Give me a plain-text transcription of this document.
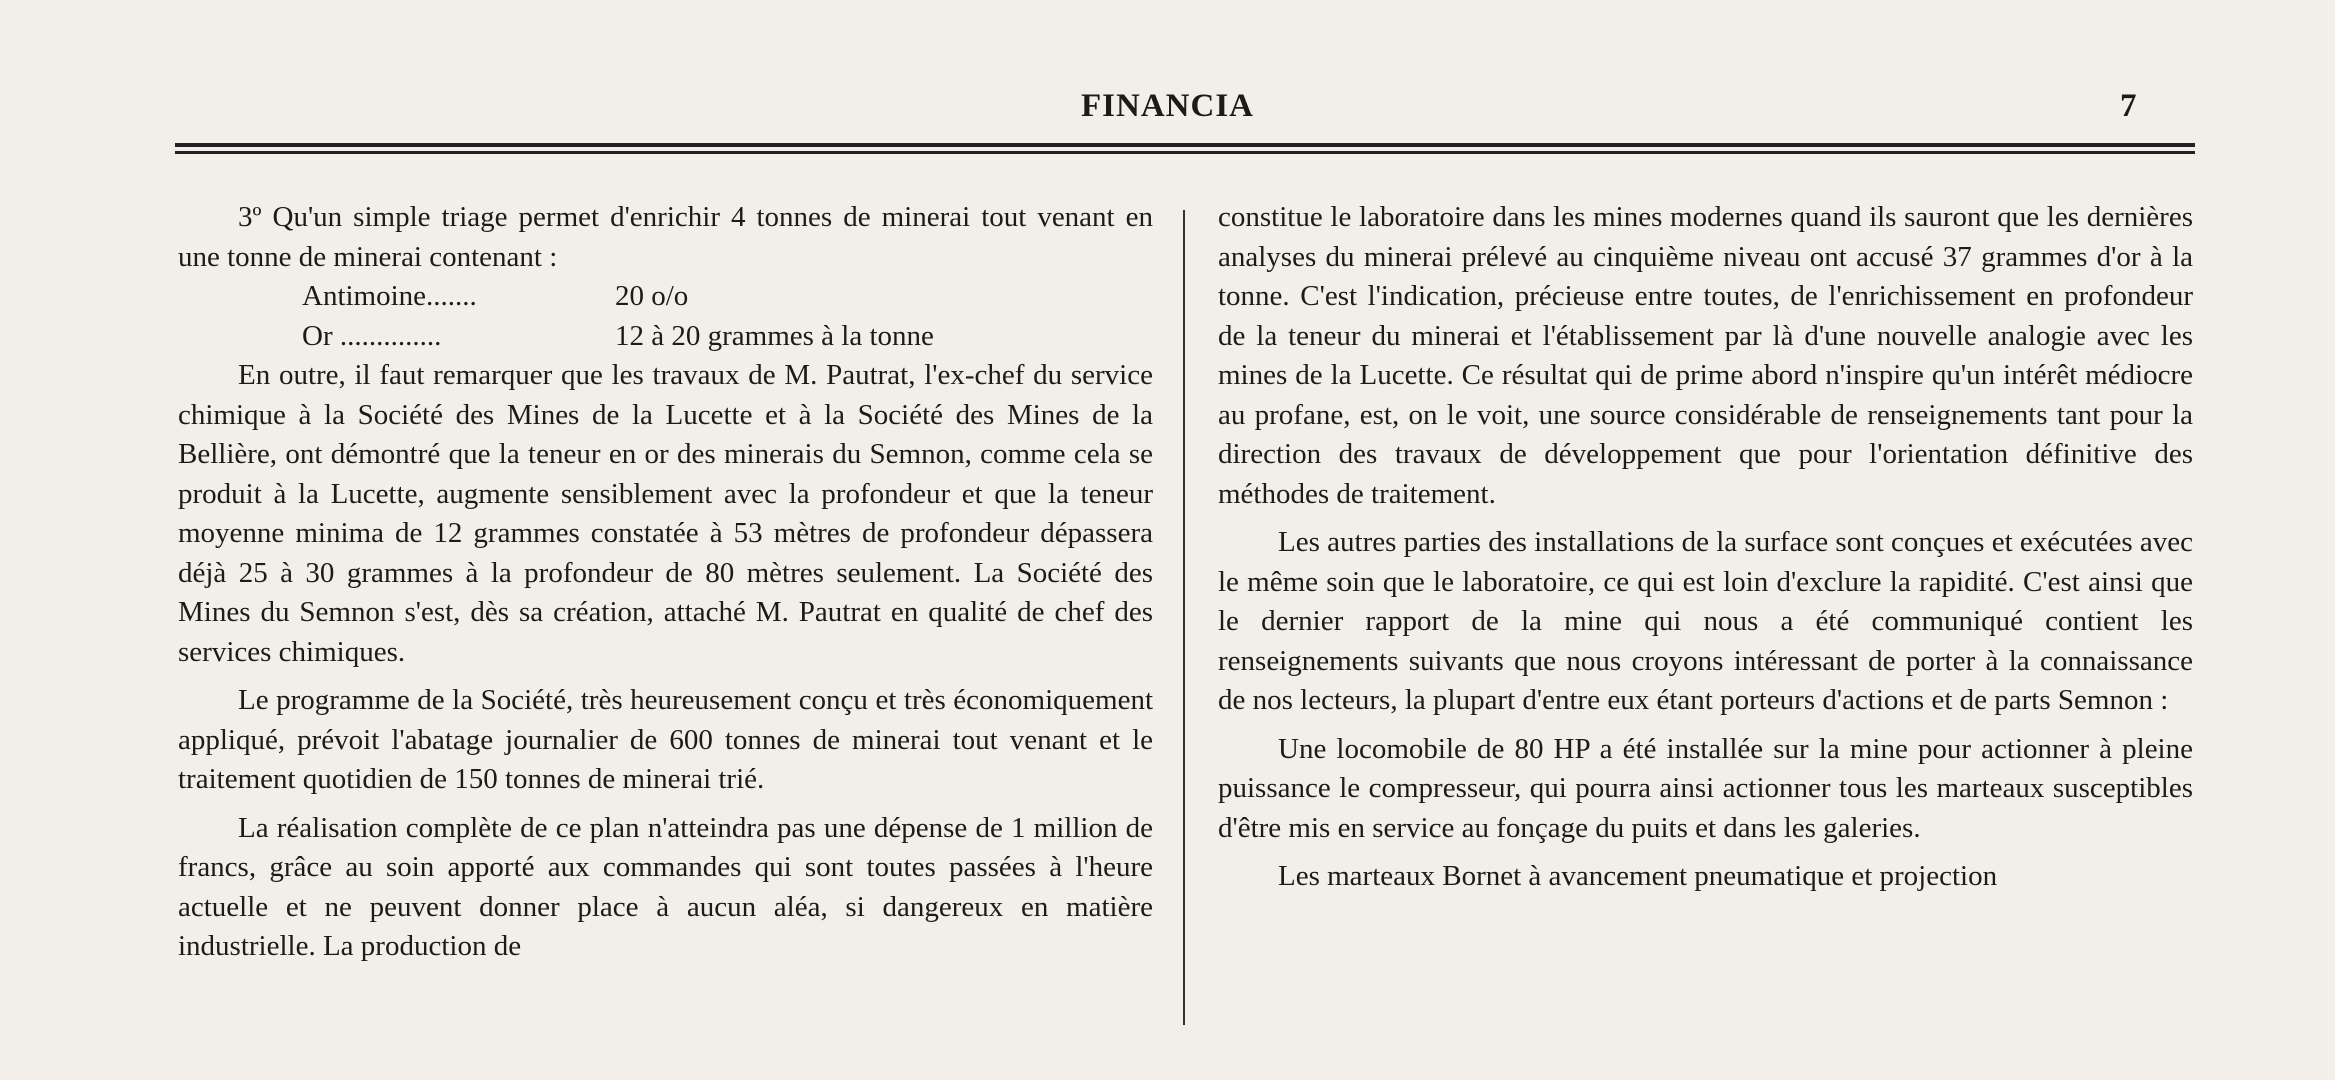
FINANCIA	7

3º Qu'un simple triage permet d'enrichir 4 tonnes de minerai tout venant en une tonne de minerai contenant :

Antimoine.......	20 o/o
Or ..............	12 à 20 grammes à la tonne

En outre, il faut remarquer que les travaux de M. Pautrat, l'ex-chef du service chimique à la Société des Mines de la Lucette et à la Société des Mines de la Bellière, ont démontré que la teneur en or des minerais du Semnon, comme cela se produit à la Lucette, augmente sensiblement avec la profondeur et que la teneur moyenne minima de 12 grammes constatée à 53 mètres de profondeur dépassera déjà 25 à 30 grammes à la profondeur de 80 mètres seulement. La Société des Mines du Semnon s'est, dès sa création, attaché M. Pautrat en qualité de chef des services chimiques.

Le programme de la Société, très heureusement conçu et très économiquement appliqué, prévoit l'abatage journalier de 600 tonnes de minerai tout venant et le traitement quotidien de 150 tonnes de minerai trié.

La réalisation complète de ce plan n'atteindra pas une dépense de 1 million de francs, grâce au soin apporté aux commandes qui sont toutes passées à l'heure actuelle et ne peuvent donner place à aucun aléa, si dangereux en matière industrielle. La production de

constitue le laboratoire dans les mines modernes quand ils sauront que les dernières analyses du minerai prélevé au cinquième niveau ont accusé 37 grammes d'or à la tonne. C'est l'indication, précieuse entre toutes, de l'enrichissement en profondeur de la teneur du minerai et l'établissement par là d'une nouvelle analogie avec les mines de la Lucette. Ce résultat qui de prime abord n'inspire qu'un intérêt médiocre au profane, est, on le voit, une source considérable de renseignements tant pour la direction des travaux de développement que pour l'orientation définitive des méthodes de traitement.

Les autres parties des installations de la surface sont conçues et exécutées avec le même soin que le laboratoire, ce qui est loin d'exclure la rapidité. C'est ainsi que le dernier rapport de la mine qui nous a été communiqué contient les renseignements suivants que nous croyons intéressant de porter à la connaissance de nos lecteurs, la plupart d'entre eux étant porteurs d'actions et de parts Semnon :

Une locomobile de 80 HP a été installée sur la mine pour actionner à pleine puissance le compresseur, qui pourra ainsi actionner tous les marteaux susceptibles d'être mis en service au fonçage du puits et dans les galeries.

Les marteaux Bornet à avancement pneumatique et projection
